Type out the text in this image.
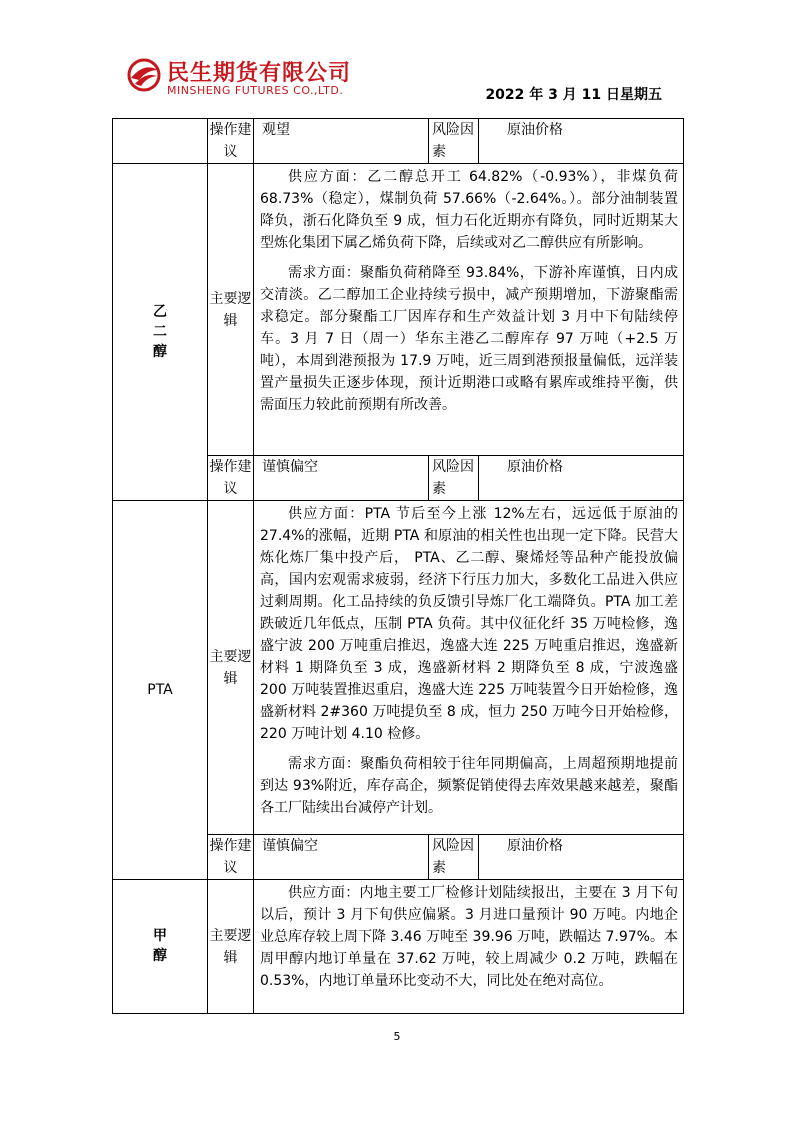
民生期货有限公司
MINSHENG FUTURES CO.,LTD.	2022 年 3 月 11 日星期五
	操作建议	观望	风险因素	原油价格
乙二醇	主要逻辑	供应方面：乙二醇总开工 64.82%（-0.93%），非煤负荷68.73%（稳定），煤制负荷 57.66%（-2.64%。）。部分油制装置降负，浙石化降负至 9 成，恒力石化近期亦有降负，同时近期某大型炼化集团下属乙烯负荷下降，后续或对乙二醇供应有所影响。

需求方面：聚酯负荷稍降至 93.84%，下游补库谨慎，日内成交清淡。乙二醇加工企业持续亏损中，减产预期增加，下游聚酯需求稳定。部分聚酯工厂因库存和生产效益计划 3 月中下旬陆续停车。3 月 7 日（周一）华东主港乙二醇库存 97 万吨（+2.5 万吨），本周到港预报为 17.9 万吨，近三周到港预报量偏低，远洋装置产量损失正逐步体现，预计近期港口或略有累库或维持平衡，供需面压力较此前预期有所改善。		

	操作建议	谨慎偏空	风险因素	原油价格
PTA	主要逻辑	供应方面：PTA 节后至今上涨 12%左右，远远低于原油的 27.4%的涨幅，近期 PTA 和原油的相关性也出现一定下降。民营大炼化炼厂集中投产后， PTA、乙二醇、聚烯烃等品种产能投放偏高，国内宏观需求疲弱，经济下行压力加大，多数化工品进入供应过剩周期。化工品持续的负反馈引导炼厂化工端降负。PTA 加工差跌破近几年低点，压制 PTA 负荷。其中仪征化纤 35 万吨检修，逸盛宁波 200 万吨重启推迟，逸盛大连 225 万吨重启推迟，逸盛新材料 1 期降负至 3 成，逸盛新材料 2 期降负至 8 成，宁波逸盛 200 万吨装置推迟重启，逸盛大连 225 万吨装置今日开始检修，逸盛新材料 2#360 万吨提负至 8 成，恒力 250 万吨今日开始检修，220 万吨计划 4.10 检修。

需求方面：聚酯负荷相较于往年同期偏高，上周超预期地提前到达 93%附近，库存高企，频繁促销使得去库效果越来越差，聚酯各工厂陆续出台减停产计划。		

	操作建议	谨慎偏空	风险因素	原油价格
甲醇	主要逻辑	供应方面：内地主要工厂检修计划陆续报出，主要在 3 月下旬以后，预计 3 月下旬供应偏紧。3 月进口量预计 90 万吨。内地企业总库存较上周下降 3.46 万吨至 39.96 万吨，跌幅达 7.97%。本周甲醇内地订单量在 37.62 万吨，较上周减少 0.2 万吨，跌幅在 0.53%，内地订单量环比变动不大，同比处在绝对高位。		

5
